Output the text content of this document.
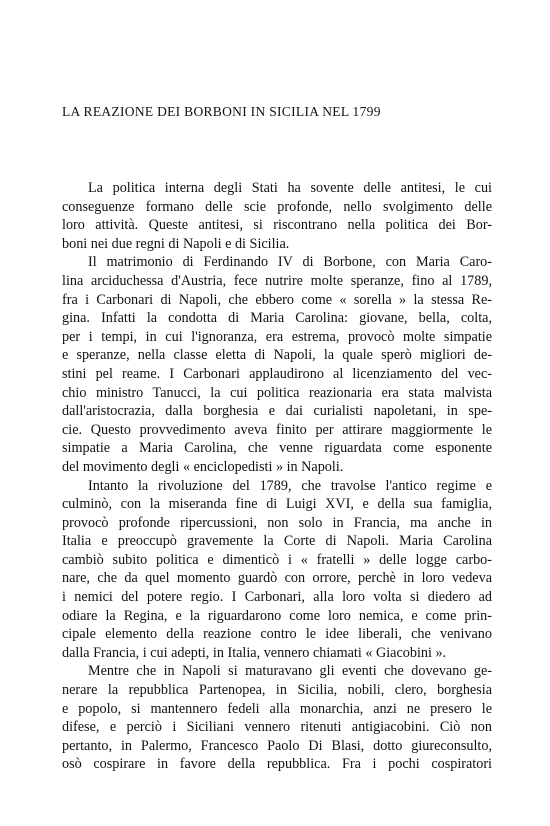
LA REAZIONE DEI BORBONI IN SICILIA NEL 1799
La politica interna degli Stati ha sovente delle antitesi, le cui
conseguenze formano delle scie profonde, nello svolgimento delle
loro attività. Queste antitesi, si riscontrano nella politica dei Bor-
boni nei due regni di Napoli e di Sicilia.
Il matrimonio di Ferdinando IV di Borbone, con Maria Caro-
lina arciduchessa d'Austria, fece nutrire molte speranze, fino al 1789,
fra i Carbonari di Napoli, che ebbero come « sorella » la stessa Re-
gina. Infatti la condotta di Maria Carolina: giovane, bella, colta,
per i tempi, in cui l'ignoranza, era estrema, provocò molte simpatie
e speranze, nella classe eletta di Napoli, la quale sperò migliori de-
stini pel reame. I Carbonari applaudirono al licenziamento del vec-
chio ministro Tanucci, la cui politica reazionaria era stata malvista
dall'aristocrazia, dalla borghesia e dai curialisti napoletani, in spe-
cie. Questo provvedimento aveva finito per attirare maggiormente le
simpatie a Maria Carolina, che venne riguardata come esponente
del movimento degli « enciclopedisti » in Napoli.
Intanto la rivoluzione del 1789, che travolse l'antico regime e
culminò, con la miseranda fine di Luigi XVI, e della sua famiglia,
provocò profonde ripercussioni, non solo in Francia, ma anche in
Italia e preoccupò gravemente la Corte di Napoli. Maria Carolina
cambiò subito politica e dimenticò i « fratelli » delle logge carbo-
nare, che da quel momento guardò con orrore, perchè in loro vedeva
i nemici del potere regio. I Carbonari, alla loro volta si diedero ad
odiare la Regina, e la riguardarono come loro nemica, e come prin-
cipale elemento della reazione contro le idee liberali, che venivano
dalla Francia, i cui adepti, in Italia, vennero chiamati « Giacobini ».
Mentre che in Napoli si maturavano gli eventi che dovevano ge-
nerare la repubblica Partenopea, in Sicilia, nobili, clero, borghesia
e popolo, si mantennero fedeli alla monarchia, anzi ne presero le
difese, e perciò i Siciliani vennero ritenuti antigiacobini. Ciò non
pertanto, in Palermo, Francesco Paolo Di Blasi, dotto giureconsulto,
osò cospirare in favore della repubblica. Fra i pochi cospiratori
